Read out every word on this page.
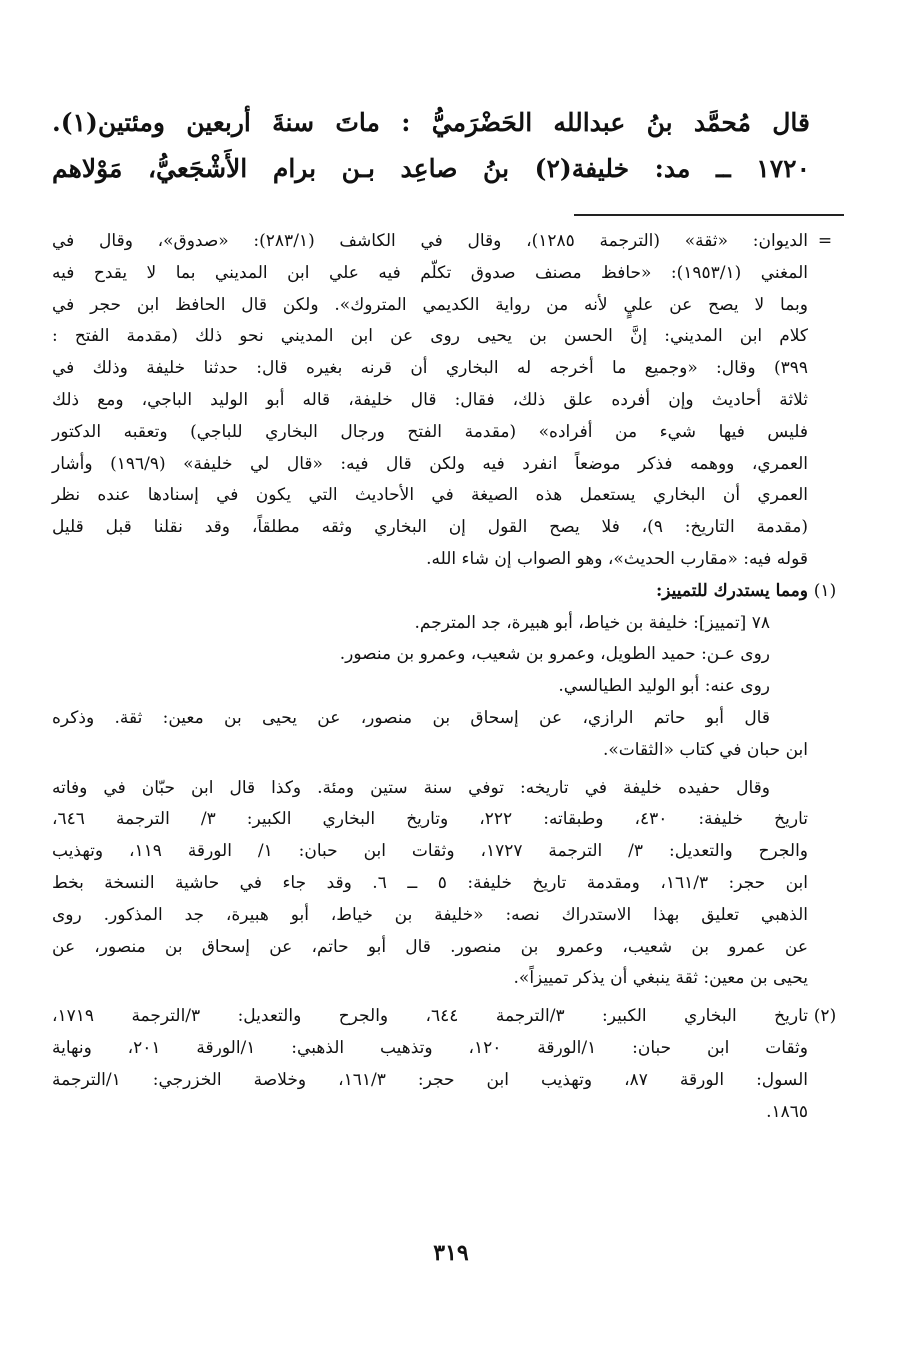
قال مُحمَّد بنُ عبدالله الحَضْرَميُّ : ماتَ سنةَ أربعين ومئتين(١).
١٧٢٠ ــ مد: خليفة(٢) بنُ صاعِد بـن برام الأَشْجَعيُّ، مَوْلاهم
=
الديوان: «ثقة» (الترجمة ١٢٨٥)، وقال في الكاشف (٢٨٣/١): «صدوق»، وقال في
المغني (١٩٥٣/١): «حافظ مصنف صدوق تكلّم فيه علي ابن المديني بما لا يقدح فيه
وبما لا يصح عن عليٍ لأنه من رواية الكديمي المتروك». ولكن قال الحافظ ابن حجر في
كلام ابن المديني: إنَّ الحسن بن يحيى روى عن ابن المديني نحو ذلك (مقدمة الفتح :
٣٩٩) وقال: «وجميع ما أخرجه له البخاري أن قرنه بغيره قال: حدثنا خليفة وذلك في
ثلاثة أحاديث وإن أفرده علق ذلك، فقال: قال خليفة، قاله أبو الوليد الباجي، ومع ذلك
فليس فيها شيء من أفراده» (مقدمة الفتح ورجال البخاري للباجي) وتعقبه الدكتور
العمري، ووهمه فذكر موضعاً انفرد فيه ولكن قال فيه: «قال لي خليفة» (١٩٦/٩) وأشار
العمري أن البخاري يستعمل هذه الصيغة في الأحاديث التي يكون في إسنادها عنده نظر
(مقدمة التاريخ: ٩)، فلا يصح القول إن البخاري وثقه مطلقاً، وقد نقلنا قبل قليل
قوله فيه: «مقارب الحديث»، وهو الصواب إن شاء الله.
(١)
ومما يستدرك للتمييز:
٧٨ [تمييز]: خليفة بن خياط، أبو هبيرة، جد المترجم.
روى عـن: حميد الطويل، وعمرو بن شعيب، وعمرو بن منصور.
روى عنه: أبو الوليد الطيالسي.
قال أبو حاتم الرازي، عن إسحاق بن منصور، عن يحيى بن معين: ثقة. وذكره
ابن حبان في كتاب «الثقات».
وقال حفيده خليفة في تاريخه: توفي سنة ستين ومئة. وكذا قال ابن حبّان في وفاته
تاريخ خليفة: ٤٣٠، وطبقاته: ٢٢٢، وتاريخ البخاري الكبير: ٣/ الترجمة ٦٤٦،
والجرح والتعديل: ٣/ الترجمة ١٧٢٧، وثقات ابن حبان: ١/ الورقة ١١٩، وتهذيب
ابن حجر: ١٦١/٣، ومقدمة تاريخ خليفة: ٥ ــ ٦. وقد جاء في حاشية النسخة بخط
الذهبي تعليق بهذا الاستدراك نصه: «خليفة بن خياط، أبو هبيرة، جد المذكور. روى
عن عمرو بن شعيب، وعمرو بن منصور. قال أبو حاتم، عن إسحاق بن منصور، عن
يحيى بن معين: ثقة ينبغي أن يذكر تمييزاً».
(٢)
تاريخ البخاري الكبير: ٣/الترجمة ٦٤٤، والجرح والتعديل: ٣/الترجمة ١٧١٩،
وثقات ابن حبان: ١/الورقة ١٢٠، وتذهيب الذهبي: ١/الورقة ٢٠١، ونهاية
السول: الورقة ٨٧، وتهذيب ابن حجر: ١٦١/٣، وخلاصة الخزرجي: ١/الترجمة
١٨٦٥.
٣١٩
